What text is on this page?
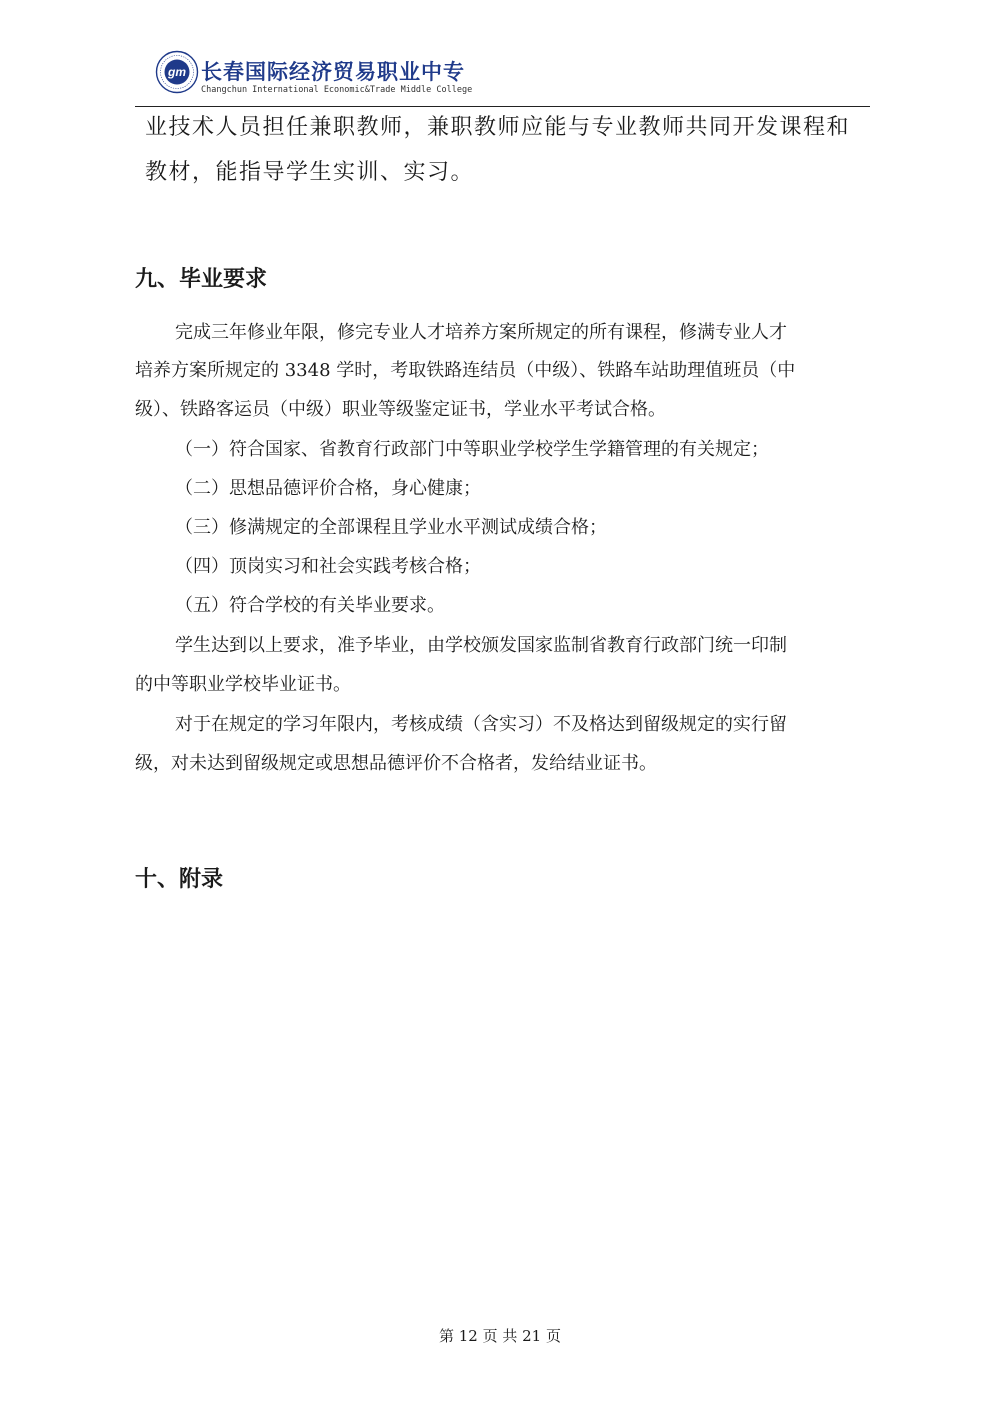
gm 长春国际经济贸易职业中专
Changchun International Economic&Trade Middle College
业技术人员担任兼职教师，兼职教师应能与专业教师共同开发课程和
教材，能指导学生实训、实习。
九、毕业要求
完成三年修业年限，修完专业人才培养方案所规定的所有课程，修满专业人才
培养方案所规定的 3348 学时，考取铁路连结员（中级）、铁路车站助理值班员（中
级）、铁路客运员（中级）职业等级鉴定证书，学业水平考试合格。
（一）符合国家、省教育行政部门中等职业学校学生学籍管理的有关规定；
（二）思想品德评价合格，身心健康；
（三）修满规定的全部课程且学业水平测试成绩合格；
（四）顶岗实习和社会实践考核合格；
（五）符合学校的有关毕业要求。
学生达到以上要求，准予毕业，由学校颁发国家监制省教育行政部门统一印制
的中等职业学校毕业证书。
对于在规定的学习年限内，考核成绩（含实习）不及格达到留级规定的实行留
级，对未达到留级规定或思想品德评价不合格者，发给结业证书。
十、附录
第 12 页 共 21 页
